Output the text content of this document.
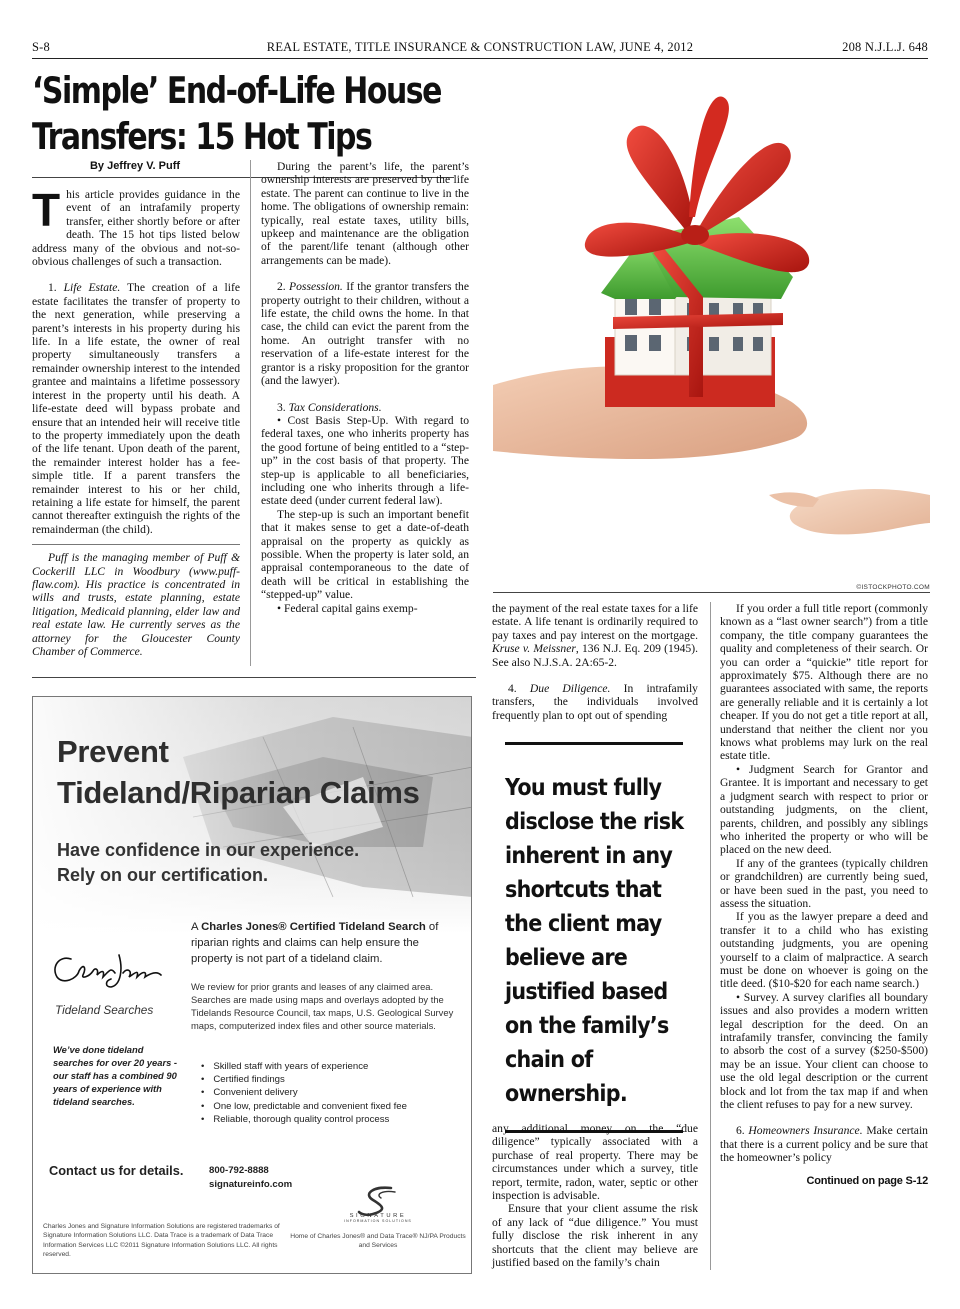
S-8	REAL ESTATE, TITLE INSURANCE & CONSTRUCTION LAW, JUNE 4, 2012	208 N.J.L.J. 648
‘Simple’ End-of-Life House
Transfers: 15 Hot Tips
By Jeffrey V. Puff

This article provides guidance in the event of an intrafamily property transfer, either shortly before or after death. The 15 hot tips listed below address many of the obvious and not-so-obvious challenges of such a transaction.

1. Life Estate. The creation of a life estate facilitates the transfer of property to the next generation, while preserving a parent’s interests in his property during his life. In a life estate, the owner of real property simultaneously transfers a remainder ownership interest to the intended grantee and maintains a lifetime possessory interest in the property until his death. A life-estate deed will bypass probate and ensure that an intended heir will receive title to the property immediately upon the death of the life tenant. Upon death of the parent, the remainder interest holder has a fee-simple title. If a parent transfers the remainder interest to his or her child, retaining a life estate for himself, the parent cannot thereafter extinguish the rights of the remainderman (the child).

Puff is the managing member of Puff & Cockerill LLC in Woodbury (www.puff-flaw.com). His practice is concentrated in wills and trusts, estate planning, estate litigation, Medicaid planning, elder law and real estate law. He currently serves as the attorney for the Gloucester County Chamber of Commerce.

During the parent’s life, the parent’s ownership interests are preserved by the life estate. The parent can continue to live in the home. The obligations of ownership remain: typically, real estate taxes, utility bills, upkeep and maintenance are the obligation of the parent/life tenant (although other arrangements can be made).

2. Possession. If the grantor transfers the property outright to their children, without a life estate, the child owns the home. In that case, the child can evict the parent from the home. An outright transfer with no reservation of a life-estate interest for the grantor is a risky proposition for the grantor (and the lawyer).

3. Tax Considerations.

• Cost Basis Step-Up. With regard to federal taxes, one who inherits property has the good fortune of being entitled to a “step-up” in the cost basis of that property. The step-up is applicable to all beneficiaries, including one who inherits through a life-estate deed (under current federal law).

The step-up is such an important benefit that it makes sense to get a date-of-death appraisal on the property as quickly as possible. When the property is later sold, an appraisal contemporaneous to the date of death will be critical in establishing the “stepped-up” value.

• Federal capital gains exemp-

©ISTOCKPHOTO.COM

the payment of the real estate taxes for a life estate. A life tenant is ordinarily required to pay taxes and pay interest on the mortgage. Kruse v. Meissner, 136 N.J. Eq. 209 (1945). See also N.J.S.A. 2A:65-2.

4. Due Diligence. In intrafamily transfers, the individuals involved frequently plan to opt out of spending

You must fully disclose the risk inherent in any shortcuts that the client may believe are justified based on the family’s chain of ownership.

any additional money on the “due diligence” typically associated with a purchase of real property. There may be circumstances under which a survey, title report, termite, radon, water, septic or other inspection is advisable.

Ensure that your client assume the risk of any lack of “due diligence.” You must fully disclose the risk inherent in any shortcuts that the client may believe are justified based on the family’s chain

If you order a full title report (commonly known as a “last owner search”) from a title company, the title company guarantees the quality and completeness of their search. Or you can order a “quickie” title report for approximately $75. Although there are no guarantees associated with same, the reports are generally reliable and it is certainly a lot cheaper. If you do not get a title report at all, understand that neither the client nor you knows what problems may lurk on the real estate title.

• Judgment Search for Grantor and Grantee. It is important and necessary to get a judgment search with respect to prior or outstanding judgments, on the client, parents, children, and possibly any siblings who inherited the property or who will be placed on the new deed.

If any of the grantees (typically children or grandchildren) are currently being sued, or have been sued in the past, you need to assess the situation.

If you as the lawyer prepare a deed and transfer it to a child who has existing outstanding judgments, you are opening yourself to a claim of malpractice. A search must be done on whoever is going on the title deed. ($10-$20 for each name search.)

• Survey. A survey clarifies all boundary issues and also provides a modern written legal description for the deed. On an intrafamily transfer, convincing the family to absorb the cost of a survey ($250-$500) may be an issue. Your client can choose to use the old legal description or the current block and lot from the tax map if and when the client refuses to pay for a new survey.

6. Homeowners Insurance. Make certain that there is a current policy and be sure that the homeowner’s policy

Continued on page S-12
Prevent
Tideland/Riparian Claims
Have confidence in our experience.
Rely on our certification.
Charles Jones
Tideland Searches
A Charles Jones® Certified Tideland Search of riparian rights and claims can help ensure the property is not part of a tideland claim.
We review for prior grants and leases of any claimed area. Searches are made using maps and overlays adopted by the Tidelands Resource Council, tax maps, U.S. Geological Survey maps, computerized index files and other source materials.
• Skilled staff with years of experience
• Certified findings
• Convenient delivery
• One low, predictable and convenient fixed fee
• Reliable, thorough quality control process
We’ve done tideland searches for over 20 years - our staff has a combined 90 years of experience with tideland searches.
Contact us for details.	800-792-8888
signatureinfo.com
SIGNATURE
INFORMATION SOLUTIONS
Charles Jones and Signature Information Solutions are registered trademarks of Signature Information Solutions LLC. Data Trace is a trademark of Data Trace Information Services LLC ©2011 Signature Information Solutions LLC. All rights reserved.
Home of Charles Jones® and Data Trace® NJ/PA Products and Services
